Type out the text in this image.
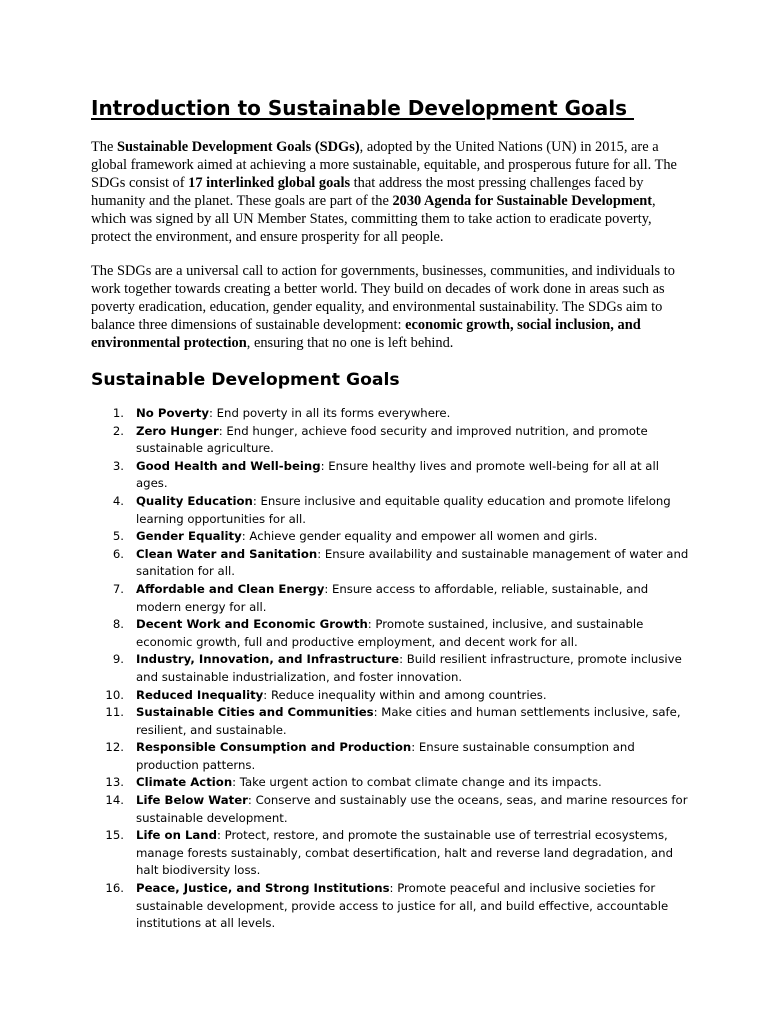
Introduction to Sustainable Development Goals

The Sustainable Development Goals (SDGs), adopted by the United Nations (UN) in 2015, are a global framework aimed at achieving a more sustainable, equitable, and prosperous future for all. The SDGs consist of 17 interlinked global goals that address the most pressing challenges faced by humanity and the planet. These goals are part of the 2030 Agenda for Sustainable Development, which was signed by all UN Member States, committing them to take action to eradicate poverty, protect the environment, and ensure prosperity for all people.

The SDGs are a universal call to action for governments, businesses, communities, and individuals to work together towards creating a better world. They build on decades of work done in areas such as poverty eradication, education, gender equality, and environmental sustainability. The SDGs aim to balance three dimensions of sustainable development: economic growth, social inclusion, and environmental protection, ensuring that no one is left behind.

Sustainable Development Goals
1. No Poverty: End poverty in all its forms everywhere.
2. Zero Hunger: End hunger, achieve food security and improved nutrition, and promote sustainable agriculture.
3. Good Health and Well-being: Ensure healthy lives and promote well-being for all at all ages.
4. Quality Education: Ensure inclusive and equitable quality education and promote lifelong learning opportunities for all.
5. Gender Equality: Achieve gender equality and empower all women and girls.
6. Clean Water and Sanitation: Ensure availability and sustainable management of water and sanitation for all.
7. Affordable and Clean Energy: Ensure access to affordable, reliable, sustainable, and modern energy for all.
8. Decent Work and Economic Growth: Promote sustained, inclusive, and sustainable economic growth, full and productive employment, and decent work for all.
9. Industry, Innovation, and Infrastructure: Build resilient infrastructure, promote inclusive and sustainable industrialization, and foster innovation.
10. Reduced Inequality: Reduce inequality within and among countries.
11. Sustainable Cities and Communities: Make cities and human settlements inclusive, safe, resilient, and sustainable.
12. Responsible Consumption and Production: Ensure sustainable consumption and production patterns.
13. Climate Action: Take urgent action to combat climate change and its impacts.
14. Life Below Water: Conserve and sustainably use the oceans, seas, and marine resources for sustainable development.
15. Life on Land: Protect, restore, and promote the sustainable use of terrestrial ecosystems, manage forests sustainably, combat desertification, halt and reverse land degradation, and halt biodiversity loss.
16. Peace, Justice, and Strong Institutions: Promote peaceful and inclusive societies for sustainable development, provide access to justice for all, and build effective, accountable institutions at all levels.
